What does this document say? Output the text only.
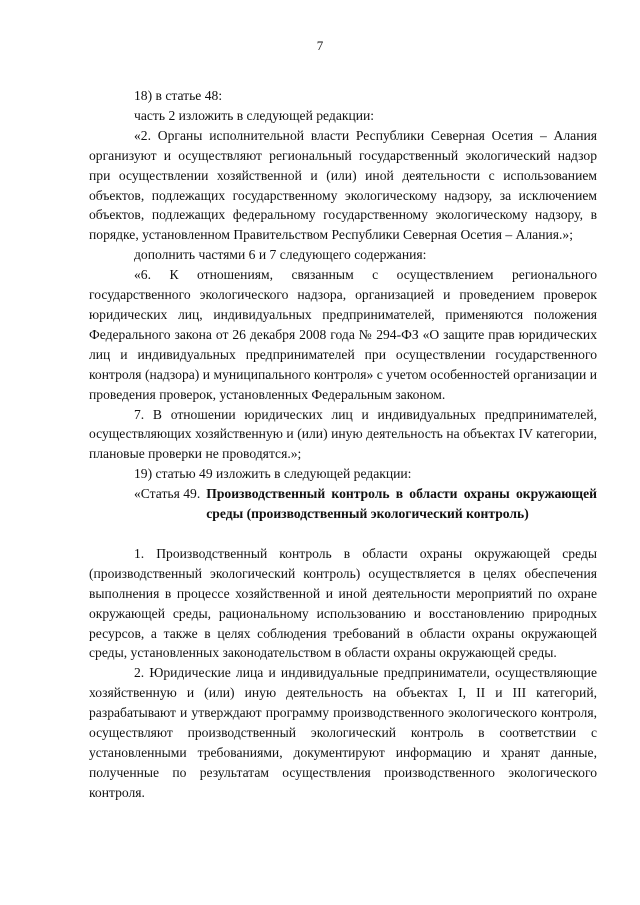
7

18) в статье 48:

часть 2 изложить в следующей редакции:

«2. Органы исполнительной власти Республики Северная Осетия – Алания организуют и осуществляют региональный государственный экологический надзор при осуществлении хозяйственной и (или) иной деятельности с использованием объектов, подлежащих государственному экологическому надзору, за исключением объектов, подлежащих федеральному государственному экологическому надзору, в порядке, установленном Правительством Республики Северная Осетия – Алания.»;

дополнить частями 6 и 7 следующего содержания:

«6. К отношениям, связанным с осуществлением регионального государственного экологического надзора, организацией и проведением проверок юридических лиц, индивидуальных предпринимателей, применяются положения Федерального закона от 26 декабря 2008 года № 294-ФЗ «О защите прав юридических лиц и индивидуальных предпринимателей при осуществлении государственного контроля (надзора) и муниципального контроля» с учетом особенностей организации и проведения проверок, установленных Федеральным законом.

7. В отношении юридических лиц и индивидуальных предпринимателей, осуществляющих хозяйственную и (или) иную деятельность на объектах IV категории, плановые проверки не проводятся.»;

19) статью 49 изложить в следующей редакции:

«Статья 49. Производственный контроль в области охраны окружающей среды (производственный экологический контроль)

1. Производственный контроль в области охраны окружающей среды (производственный экологический контроль) осуществляется в целях обеспечения выполнения в процессе хозяйственной и иной деятельности мероприятий по охране окружающей среды, рациональному использованию и восстановлению природных ресурсов, а также в целях соблюдения требований в области охраны окружающей среды, установленных законодательством в области охраны окружающей среды.

2. Юридические лица и индивидуальные предприниматели, осуществляющие хозяйственную и (или) иную деятельность на объектах I, II и III категорий, разрабатывают и утверждают программу производственного экологического контроля, осуществляют производственный экологический контроль в соответствии с установленными требованиями, документируют информацию и хранят данные, полученные по результатам осуществления производственного экологического контроля.
